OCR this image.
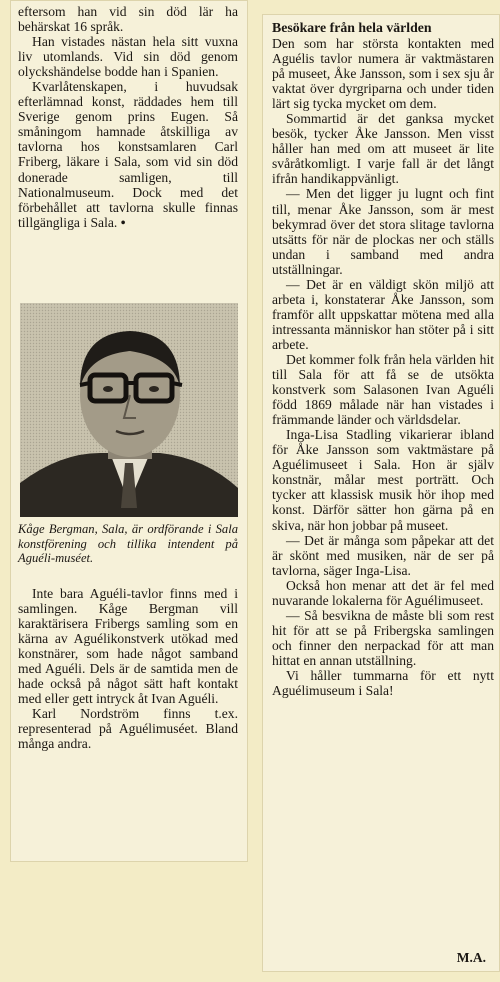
eftersom han vid sin död lär ha behärskat 16 språk.

Han vistades nästan hela sitt vuxna liv utomlands. Vid sin död genom olyckshändelse bodde han i Spanien.

Kvarlåtenskapen, i huvudsak efterlämnad konst, räddades hem till Sverige genom prins Eugen. Så småningom hamnade åtskilliga av tavlorna hos konstsamlaren Carl Friberg, läkare i Sala, som vid sin död donerade samligen, till Nationalmuseum. Dock med det förbehållet att tavlorna skulle finnas tillgängliga i Sala. •

Kåge Bergman, Sala, är ordförande i Sala konstförening och tillika intendent på Aguéli-muséet.

Inte bara Aguéli-tavlor finns med i samlingen. Kåge Bergman vill karaktärisera Fribergs samling som en kärna av Aguélikonstverk utökad med konstnärer, som hade något samband med Aguéli. Dels är de samtida men de hade också på något sätt haft kontakt med eller gett intryck åt Ivan Aguéli.

Karl Nordström finns t.ex. representerad på Aguélimuséet. Bland många andra.

Besökare från hela världen

Den som har största kontakten med Aguélis tavlor numera är vaktmästaren på museet, Åke Jansson, som i sex sju år vaktat över dyrgriparna och under tiden lärt sig tycka mycket om dem.

Sommartid är det ganksa mycket besök, tycker Åke Jansson. Men visst håller han med om att museet är lite svåråtkomligt. I varje fall är det långt ifrån handikappvänligt.

— Men det ligger ju lugnt och fint till, menar Åke Jansson, som är mest bekymrad över det stora slitage tavlorna utsätts för när de plockas ner och ställs undan i samband med andra utställningar.

— Det är en väldigt skön miljö att arbeta i, konstaterar Åke Jansson, som framför allt uppskattar mötena med alla intressanta människor han stöter på i sitt arbete.

Det kommer folk från hela världen hit till Sala för att få se de utsökta konstverk som Salasonen Ivan Aguéli född 1869 målade när han vistades i främmande länder och världsdelar.

Inga-Lisa Stadling vikarierar ibland för Åke Jansson som vaktmästare på Aguélimuseet i Sala. Hon är själv konstnär, målar mest porträtt. Och tycker att klassisk musik hör ihop med konst. Därför sätter hon gärna på en skiva, när hon jobbar på museet.

— Det är många som påpekar att det är skönt med musiken, när de ser på tavlorna, säger Inga-Lisa.

Också hon menar att det är fel med nuvarande lokalerna för Aguélimuseet.

— Så besvikna de måste bli som rest hit för att se på Fribergska samlingen och finner den nerpackad för att man hittat en annan utställning.

Vi håller tummarna för ett nytt Aguélimuseum i Sala!

M.A.
